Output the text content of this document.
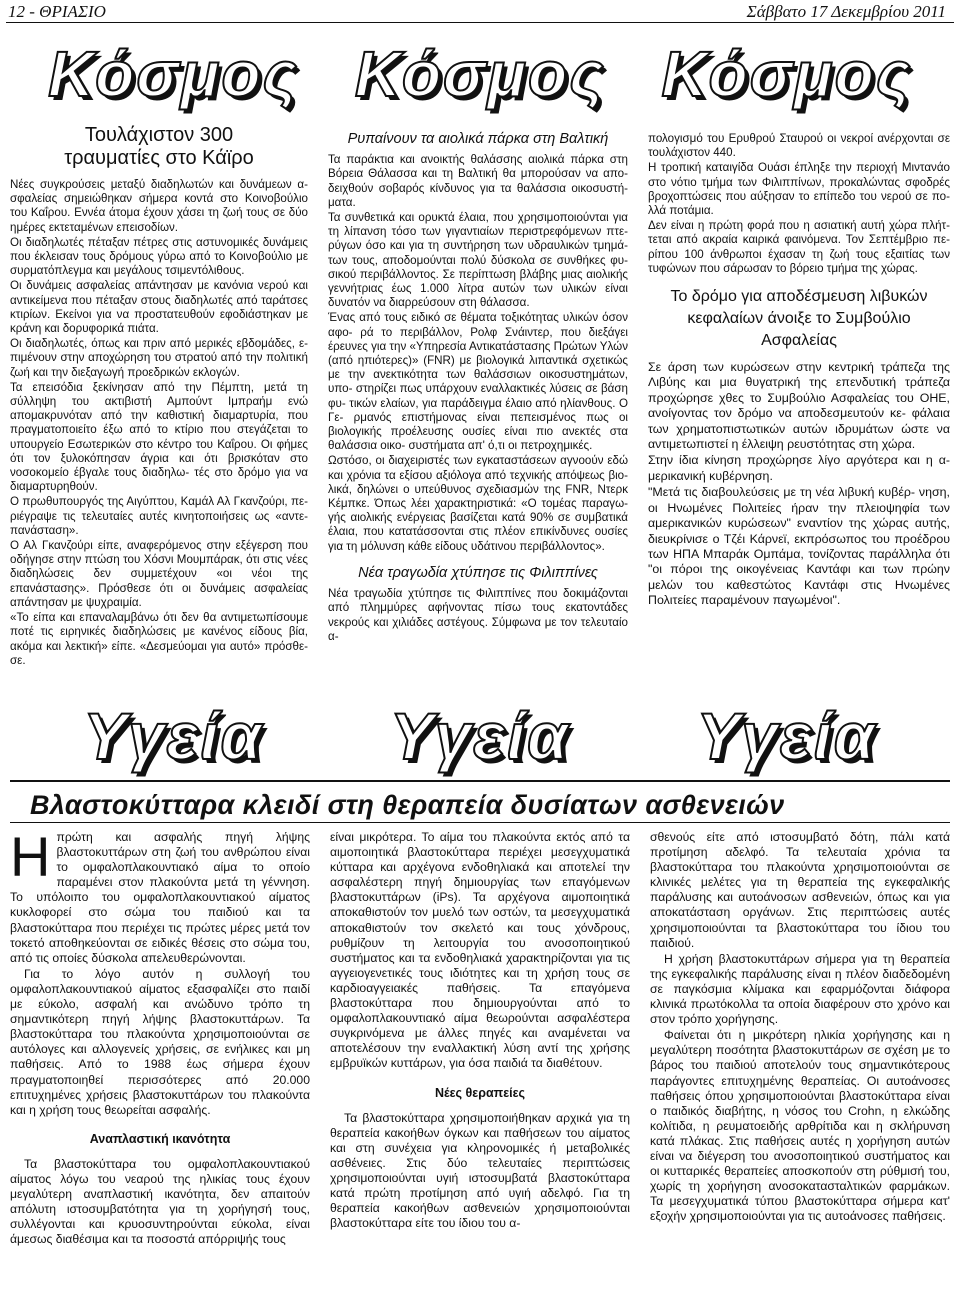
12 - ΘΡΙΑΣΙΟ	Σάββατο 17 Δεκεμβρίου 2011
Κόσμος Κόσμος Κόσμος
Τουλάχιστον 300 τραυματίες στο Κάϊρο

Νέες συγκρούσεις μεταξύ διαδηλωτών και δυνάμεων α- σφαλείας σημειώθηκαν σήμερα κοντά στο Κοινοβούλιο του Καΐρου. Εννέα άτομα έχουν χάσει τη ζωή τους σε δύο ημέρες εκτεταμένων επεισοδίων.

Οι διαδηλωτές πέταξαν πέτρες στις αστυνομικές δυνάμεις που έκλεισαν τους δρόμους γύρω από το Κοινοβούλιο με συρματόπλεγμα και μεγάλους τσιμεντόλιθους.

Οι δυνάμεις ασφαλείας απάντησαν με κανόνια νερού και αντικείμενα που πέταξαν στους διαδηλωτές από ταράτσες κτιρίων. Εκείνοι για να προστατευθούν εφοδιάστηκαν με κράνη και δορυφορικά πιάτα.

Οι διαδηλωτές, όπως και πριν από μερικές εβδομάδες, ε- πιμένουν στην αποχώρηση του στρατού από την πολιτική ζωή και την διεξαγωγή προεδρικών εκλογών.

Τα επεισόδια ξεκίνησαν από την Πέμπτη, μετά τη σύλληψη του ακτιβιστή Αμπούντ Ιμπραήμ ενώ απομακρυνόταν από την καθιστική διαμαρτυρία, που πραγματοποιείτο έξω από το κτίριο που στεγάζεται το υπουργείο Εσωτερικών στο κέντρο του Καΐρου. Οι φήμες ότι τον ξυλοκόπησαν άγρια και ότι βρισκόταν στο νοσοκομείο έβγαλε τους διαδηλω- τές στο δρόμο για να διαμαρτυρηθούν.

Ο πρωθυπουργός της Αιγύπτου, Καμάλ Αλ Γκανζούρι, πε- ριέγραψε τις τελευταίες αυτές κινητοποιήσεις ως «αντε- πανάσταση».

Ο Αλ Γκανζούρι είπε, αναφερόμενος στην εξέγερση που οδήγησε στην πτώση του Χόσνι Μουμπάρακ, ότι στις νέες διαδηλώσεις δεν συμμετέχουν «οι νέοι της επανάστασης». Πρόσθεσε ότι οι δυνάμεις ασφαλείας απάντησαν με ψυχραιμία.

«Το είπα και επαναλαμβάνω ότι δεν θα αντιμετωπίσουμε ποτέ τις ειρηνικές διαδηλώσεις με κανένος είδους βία, ακόμα και λεκτική» είπε. «Δεσμεύομαι για αυτό» πρόσθε- σε.

Ρυπαίνουν τα αιολικά πάρκα στη Βαλτική

Τα παράκτια και ανοικτής θαλάσσης αιολικά πάρκα στη Βόρεια Θάλασσα και τη Βαλτική θα μπορούσαν να απο- δειχθούν σοβαρός κίνδυνος για τα θαλάσσια οικοσυστή- ματα.

Τα συνθετικά και ορυκτά έλαια, που χρησιμοποιούνται για τη λίπανση τόσο των γιγαντιαίων περιστρεφόμενων πτε- ρύγων όσο και για τη συντήρηση των υδραυλικών τμημά- των τους, αποδομούνται πολύ δύσκολα σε συνθήκες φυ- σικού περιβάλλοντος. Σε περίπτωση βλάβης μιας αιολικής γεννήτριας έως 1.000 λίτρα αυτών των υλικών είναι δυνατόν να διαρρεύσουν στη θάλασσα.

Ένας από τους ειδικό σε θέματα τοξικότητας υλικών όσον αφο- ρά το περιβάλλον, Ρολφ Σνάιντερ, που διεξάγει έρευνες για την «Υπηρεσία Αντικατάστασης Πρώτων Υλών (από ηπιότερες)» (FNR) με βιολογικά λιπαντικά σχετικώς με την ανεκτικότητα των θαλάσσιων οικοσυστημάτων, υπο- στηρίζει πως υπάρχουν εναλλακτικές λύσεις σε βάση φυ- τικών ελαίων, για παράδειγμα έλαιο από ηλίανθους. Ο Γε- ρμανός επιστήμονας είναι πεπεισμένος πως οι βιολογικής προέλευσης ουσίες είναι πιο ανεκτές στα θαλάσσια οικο- συστήματα απ' ό,τι οι πετροχημικές.

Ωστόσο, οι διαχειριστές των εγκαταστάσεων αγνοούν εδώ και χρόνια τα εξίσου αξιόλογα από τεχνικής απόψεως βιο- λικά, δηλώνει ο υπεύθυνος σχεδιασμών της FNR, Ντερκ Κέμπκε. Όπως λέει χαρακτηριστικά: «Ο τομέας παραγω- γής αιολικής ενέργειας βασίζεται κατά 90% σε συμβατικά έλαια, που κατατάσσονται στις πλέον επικίνδυνες ουσίες για τη μόλυνση κάθε είδους υδάτινου περιβάλλοντος».

Νέα τραγωδία χτύπησε τις Φιλιππίνες

Νέα τραγωδία χτύπησε τις Φιλιππίνες που δοκιμάζονται από πλημμύρες αφήνοντας πίσω τους εκατοντάδες νεκρούς και χιλιάδες αστέγους. Σύμφωνα με τον τελευταίο α-

πολογισμό του Ερυθρού Σταυρού οι νεκροί ανέρχονται σε τουλάχιστον 440.

Η τροπική καταιγίδα Ουάσι έπληξε την περιοχή Μιντανάο στο νότιο τμήμα των Φιλιππίνων, προκαλώντας σφοδρές βροχοπτώσεις που αύξησαν το επίπεδο του νερού σε πο- λλά ποτάμια.

Δεν είναι η πρώτη φορά που η ασιατική αυτή χώρα πλήτ- τεται από ακραία καιρικά φαινόμενα. Τον Σεπτέμβριο πε- ρίπου 100 άνθρωποι έχασαν τη ζωή τους εξαιτίας των τυφώνων που σάρωσαν το βόρειο τμήμα της χώρας.

Το δρόμο για αποδέσμευση λιβυκών κεφαλαίων άνοιξε το Συμβούλιο Ασφαλείας

Σε άρση των κυρώσεων στην κεντρική τράπεζα της Λιβύης και μια θυγατρική της επενδυτική τράπεζα προχώρησε χθες το Συμβούλιο Ασφαλείας του ΟΗΕ, ανοίγοντας τον δρόμο να αποδεσμευτούν κε- φάλαια των χρηματοπιστωτικών αυτών ιδρυμάτων ώστε να αντιμετωπιστεί η έλλειψη ρευστότητας στη χώρα.

Στην ίδια κίνηση προχώρησε λίγο αργότερα και η α- μερικανική κυβέρνηση.

"Μετά τις διαβουλεύσεις με τη νέα λιβυκή κυβέρ- νηση, οι Ηνωμένες Πολιτείες ήραν την πλειοψηφία των αμερικανικών κυρώσεων" εναντίον της χώρας αυτής, διευκρίνισε ο Τζέι Κάρνεϊ, εκπρόσωπος του προέδρου των ΗΠΑ Μπαράκ Ομπάμα, τονίζοντας παράλληλα ότι "οι πόροι της οικογένειας Καντάφι και των πρώην μελών του καθεστώτος Καντάφι στις Ηνωμένες Πολιτείες παραμένουν παγωμένοι".

Υγεία Υγεία Υγεία
Βλαστοκύτταρα κλειδί στη θεραπεία δυσίατων ασθενειών
Η πρώτη και ασφαλής πηγή λήψης βλαστοκυττάρων στη ζωή του ανθρώπου είναι το ομφαλοπλακουντιακό αίμα το οποίο παραμένει στον πλακούντα μετά τη γέννηση. Το υπόλοιπο του ομφαλοπλακουντιακού αίματος κυκλοφορεί στο σώμα του παιδιού και τα βλαστοκύτταρα που περιέχει τις πρώτες μέρες μετά τον τοκετό αποθηκεύονται σε ειδικές θέσεις στο σώμα του, από τις οποίες δύσκολα απελευθερώνονται.

Για το λόγο αυτόν η συλλογή του ομφαλοπλακουντιακού αίματος εξασφαλίζει στο παιδί με εύκολο, ασφαλή και ανώδυνο τρόπο τη σημαντικότερη πηγή λήψης βλαστοκυττάρων. Τα βλαστοκύτταρα του πλακούντα χρησιμοποιούνται σε αυτόλογες και αλλογενείς χρήσεις, σε ενήλικες και μη παθήσεις. Από το 1988 έως σήμερα έχουν πραγματοποιηθεί περισσότερες από 20.000 επιτυχημένες χρήσεις βλαστοκυττάρων του πλακούντα και η χρήση τους θεωρείται ασφαλής.

Αναπλαστική ικανότητα

Τα βλαστοκύτταρα του ομφαλοπλακουντιακού αίματος λόγω του νεαρού της ηλικίας τους έχουν μεγαλύτερη αναπλαστική ικανότητα, δεν απαιτούν απόλυτη ιστοσυμβατότητα για τη χορήγησή τους, συλλέγονται και κρυοσυντηρούνται εύκολα, είναι άμεσως διαθέσιμα και τα ποσοστά απόρριψής τους

είναι μικρότερα. Το αίμα του πλακούντα εκτός από τα αιμοποιητικά βλαστοκύτταρα περιέχει μεσεγχυματικά κύτταρα και αρχέγονα ενδοθηλιακά και αποτελεί την ασφαλέστερη πηγή δημιουργίας των επαγόμενων βλαστοκυττάρων (iPs). Τα αρχέγονα αιμοποιητικά αποκαθιστούν τον μυελό των οστών, τα μεσεγχυματικά αποκαθιστούν τον σκελετό και τους χόνδρους, ρυθμίζουν τη λειτουργία του ανοσοποιητικού συστήματος και τα ενδοθηλιακά χαρακτηρίζονται για τις αγγειογενετικές τους ιδιότητες και τη χρήση τους σε καρδιοαγγειακές παθήσεις. Τα επαγόμενα βλαστοκύτταρα που δημιουργούνται από το ομφαλοπλακουντιακό αίμα θεωρούνται ασφαλέστερα συγκρινόμενα με άλλες πηγές και αναμένεται να αποτελέσουν την εναλλακτική λύση αντί της χρήσης εμβρυϊκών κυττάρων, για όσα παιδιά τα διαθέτουν.

Νέες θεραπείες

Τα βλαστοκύτταρα χρησιμοποιήθηκαν αρχικά για τη θεραπεία κακοήθων όγκων και παθήσεων του αίματος και στη συνέχεια για κληρονομικές ή μεταβολικές ασθένειες. Στις δύο τελευταίες περιπτώσεις χρησιμοποιούνται υγιή ιστοσυμβατά βλαστοκύτταρα κατά πρώτη προτίμηση από υγιή αδελφό. Για τη θεραπεία κακοήθων ασθενειών χρησιμοποιούνται βλαστοκύτταρα είτε του ίδιου του α-

σθενούς είτε από ιστοσυμβατό δότη, πάλι κατά προτίμηση αδελφό. Τα τελευταία χρόνια τα βλαστοκύτταρα του πλακούντα χρησιμοποιούνται σε κλινικές μελέτες για τη θεραπεία της εγκεφαλικής παράλυσης και αυτοάνοσων ασθενειών, όπως και για αποκατάσταση οργάνων. Στις περιπτώσεις αυτές χρησιμοποιούνται τα βλαστοκύτταρα του ίδιου του παιδιού.

Η χρήση βλαστοκυττάρων σήμερα για τη θεραπεία της εγκεφαλικής παράλυσης είναι η πλέον διαδεδομένη σε παγκόσμια κλίμακα και εφαρμόζονται διάφορα κλινικά πρωτόκολλα τα οποία διαφέρουν στο χρόνο και στον τρόπο χορήγησης.

Φαίνεται ότι η μικρότερη ηλικία χορήγησης και η μεγαλύτερη ποσότητα βλαστοκυττάρων σε σχέση με το βάρος του παιδιού αποτελούν τους σημαντικότερους παράγοντες επιτυχημένης θεραπείας. Οι αυτοάνοσες παθήσεις όπου χρησιμοποιούνται βλαστοκύτταρα είναι ο παιδικός διαβήτης, η νόσος του Crohn, η ελκώδης κολίτιδα, η ρευματοειδής αρθρίτιδα και η σκλήρυνση κατά πλάκας. Στις παθήσεις αυτές η χορήγηση αυτών είναι να διέγερση του ανοσοποιητικού συστήματος και οι κυτταρικές θεραπείες αποσκοπούν στη ρύθμισή του, χωρίς τη χορήγηση ανοσοκατασταλτικών φαρμάκων. Τα μεσεγχυματικά τύπου βλαστοκύτταρα σήμερα κατ' εξοχήν χρησιμοποιούνται για τις αυτοάνοσες παθήσεις.
